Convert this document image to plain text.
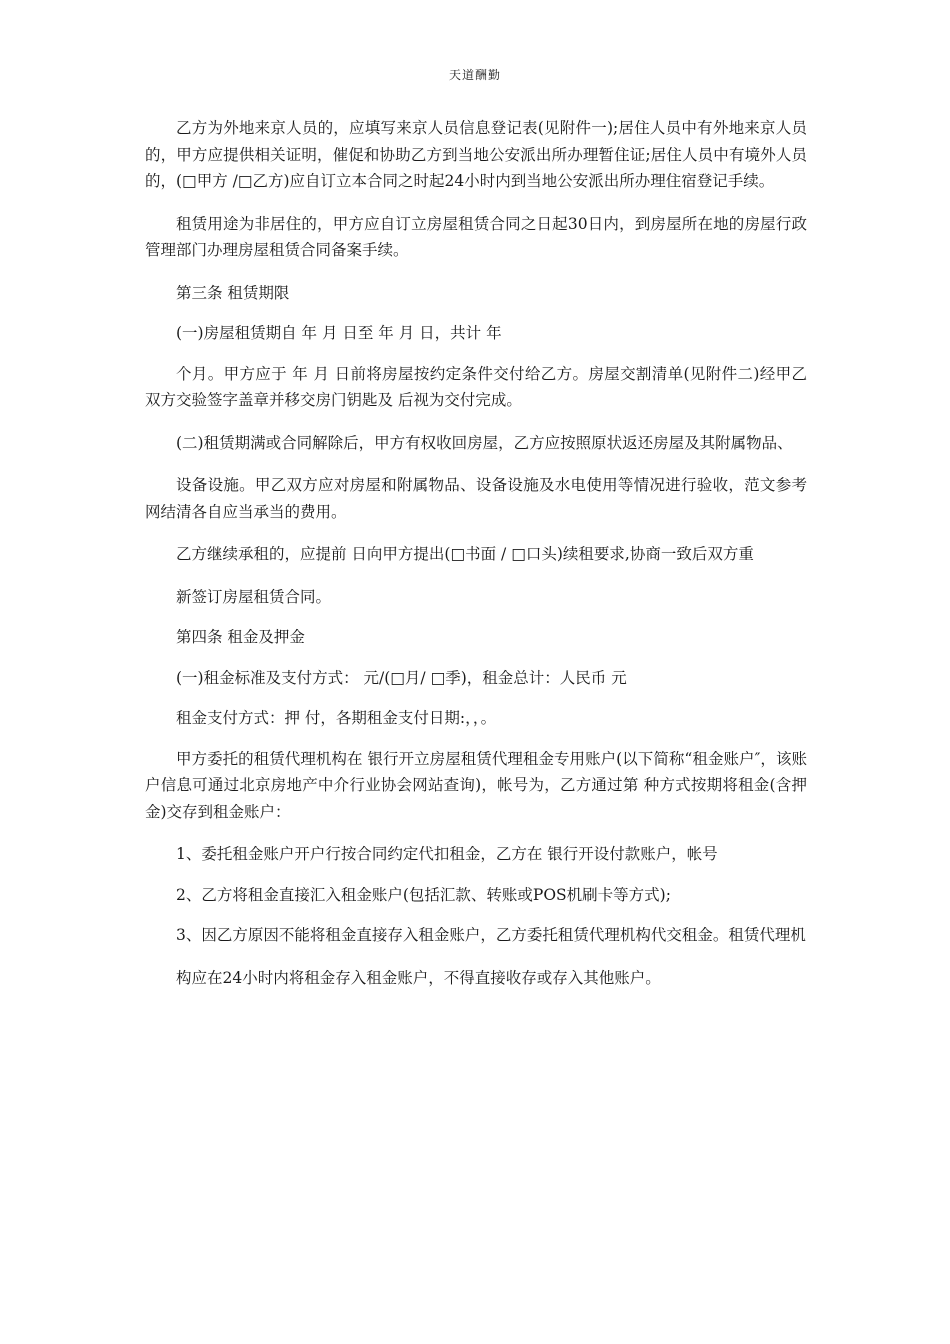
天道酬勤

乙方为外地来京人员的，应填写来京人员信息登记表(见附件一);居住人员中有外地来京人员的，甲方应提供相关证明，催促和协助乙方到当地公安派出所办理暂住证;居住人员中有境外人员的，(□甲方 /□乙方)应自订立本合同之时起24小时内到当地公安派出所办理住宿登记手续。

租赁用途为非居住的，甲方应自订立房屋租赁合同之日起30日内，到房屋所在地的房屋行政管理部门办理房屋租赁合同备案手续。

第三条 租赁期限

(一)房屋租赁期自 年 月 日至 年 月 日，共计 年

个月。甲方应于 年 月 日前将房屋按约定条件交付给乙方。房屋交割清单(见附件二)经甲乙双方交验签字盖章并移交房门钥匙及 后视为交付完成。

(二)租赁期满或合同解除后，甲方有权收回房屋，乙方应按照原状返还房屋及其附属物品、

设备设施。甲乙双方应对房屋和附属物品、设备设施及水电使用等情况进行验收，范文参考网结清各自应当承当的费用。

乙方继续承租的，应提前 日向甲方提出(□书面 / □口头)续租要求,协商一致后双方重

新签订房屋租赁合同。

第四条 租金及押金

(一)租金标准及支付方式： 元/(□月/ □季)，租金总计：人民币 元

租金支付方式：押 付，各期租金支付日期:，，。

甲方委托的租赁代理机构在 银行开立房屋租赁代理租金专用账户(以下简称“租金账户″，该账户信息可通过北京房地产中介行业协会网站查询)，帐号为，乙方通过第 种方式按期将租金(含押金)交存到租金账户：

1、委托租金账户开户行按合同约定代扣租金，乙方在 银行开设付款账户，帐号

2、乙方将租金直接汇入租金账户(包括汇款、转账或POS机刷卡等方式);

3、因乙方原因不能将租金直接存入租金账户，乙方委托租赁代理机构代交租金。租赁代理机

构应在24小时内将租金存入租金账户，不得直接收存或存入其他账户。
